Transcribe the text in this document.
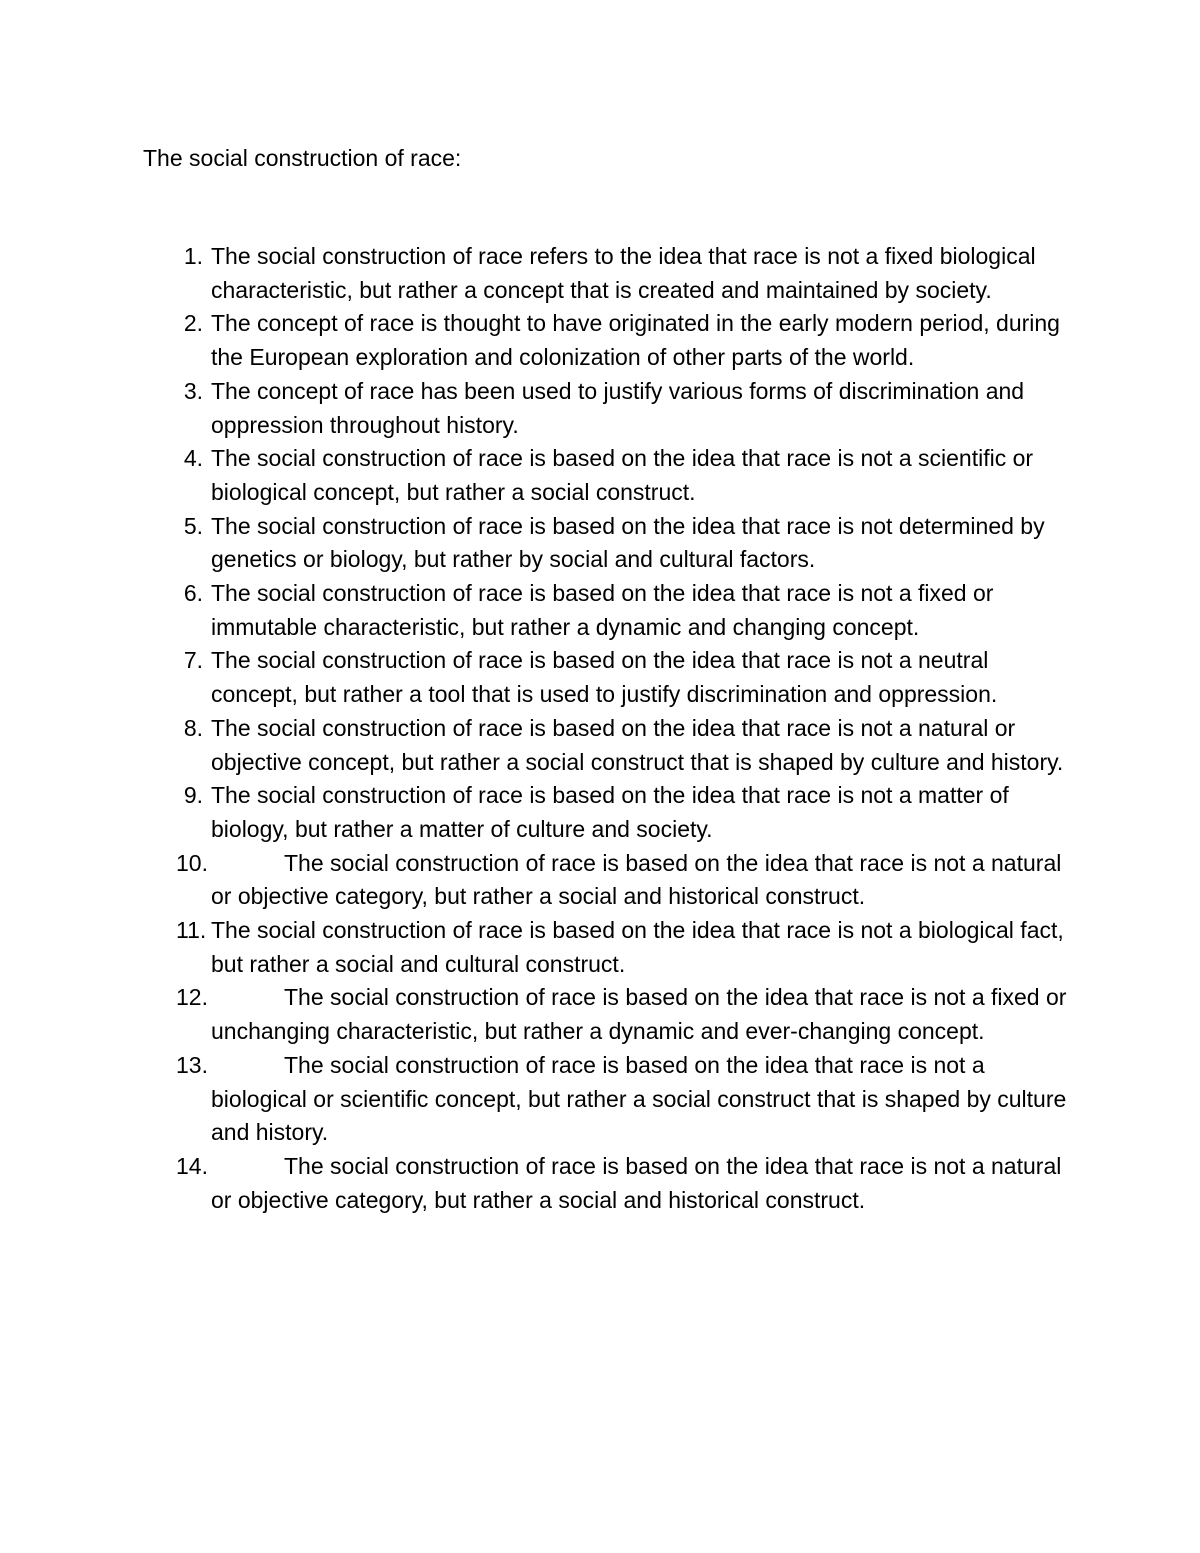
The social construction of race:
1. The social construction of race refers to the idea that race is not a fixed biological characteristic, but rather a concept that is created and maintained by society.
2. The concept of race is thought to have originated in the early modern period, during the European exploration and colonization of other parts of the world.
3. The concept of race has been used to justify various forms of discrimination and oppression throughout history.
4. The social construction of race is based on the idea that race is not a scientific or biological concept, but rather a social construct.
5. The social construction of race is based on the idea that race is not determined by genetics or biology, but rather by social and cultural factors.
6. The social construction of race is based on the idea that race is not a fixed or immutable characteristic, but rather a dynamic and changing concept.
7. The social construction of race is based on the idea that race is not a neutral concept, but rather a tool that is used to justify discrimination and oppression.
8. The social construction of race is based on the idea that race is not a natural or objective concept, but rather a social construct that is shaped by culture and history.
9. The social construction of race is based on the idea that race is not a matter of biology, but rather a matter of culture and society.
10.	The social construction of race is based on the idea that race is not a natural or objective category, but rather a social and historical construct.
11. The social construction of race is based on the idea that race is not a biological fact, but rather a social and cultural construct.
12.	The social construction of race is based on the idea that race is not a fixed or unchanging characteristic, but rather a dynamic and ever-changing concept.
13.	The social construction of race is based on the idea that race is not a biological or scientific concept, but rather a social construct that is shaped by culture and history.
14.	The social construction of race is based on the idea that race is not a natural or objective category, but rather a social and historical construct.
